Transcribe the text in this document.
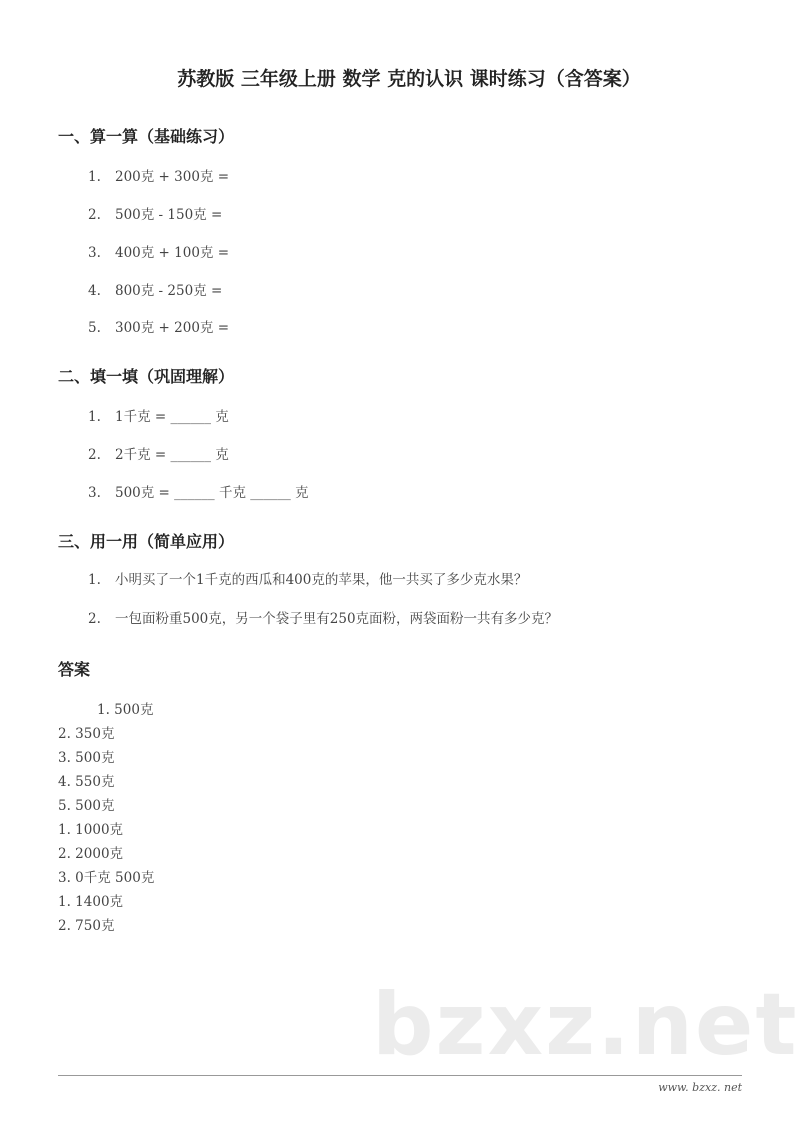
苏教版 三年级上册 数学 克的认识 课时练习（含答案）
一、算一算（基础练习）
1. 200克 + 300克 =
2. 500克 - 150克 =
3. 400克 + 100克 =
4. 800克 - 250克 =
5. 300克 + 200克 =
二、填一填（巩固理解）
1. 1千克 = ______ 克
2. 2千克 = ______ 克
3. 500克 = ______ 千克 ______ 克
三、用一用（简单应用）
1. 小明买了一个1千克的西瓜和400克的苹果，他一共买了多少克水果？
2. 一包面粉重500克，另一个袋子里有250克面粉，两袋面粉一共有多少克？
答案
1. 500克
2. 350克
3. 500克
4. 550克
5. 500克
1. 1000克
2. 2000克
3. 0千克 500克
1. 1400克
2. 750克
bzxz.net
www. bzxz. net
